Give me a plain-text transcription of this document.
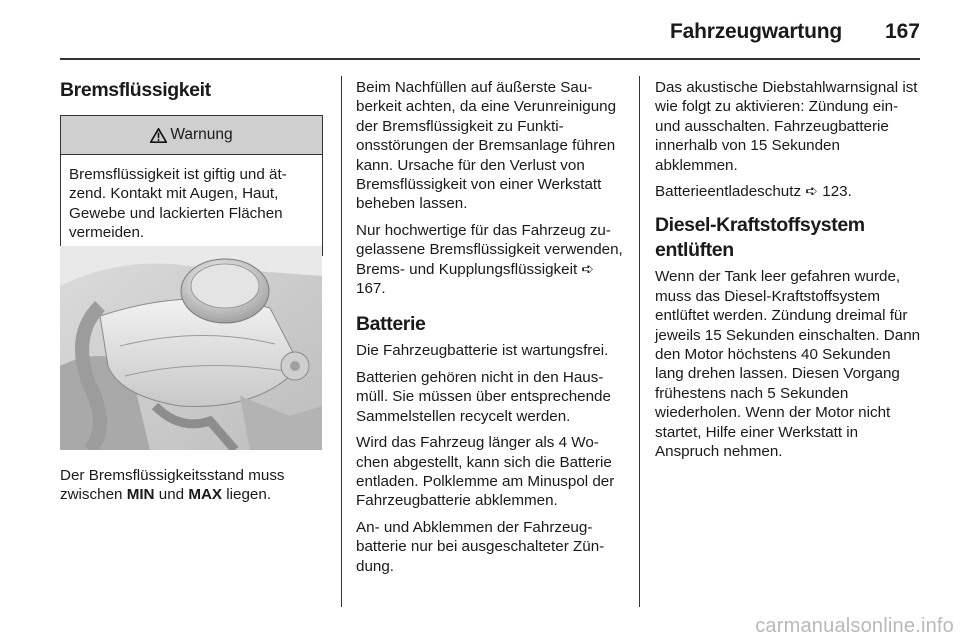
Fahrzeugwartung 167
Bremsflüssigkeit
Warnung
Bremsflüssigkeit ist giftig und ätzend. Kontakt mit Augen, Haut, Gewebe und lackierten Flächen vermeiden.
Der Bremsflüssigkeitsstand muss zwischen MIN und MAX liegen.

Beim Nachfüllen auf äußerste Sauberkeit achten, da eine Verunreinigung der Bremsflüssigkeit zu Funktionsstörungen der Bremsanlage führen kann. Ursache für den Verlust von Bremsflüssigkeit von einer Werkstatt beheben lassen.

Nur hochwertige für das Fahrzeug zugelassene Bremsflüssigkeit verwenden, Brems- und Kupplungsflüssigkeit ➪ 167.

Batterie

Die Fahrzeugbatterie ist wartungsfrei.

Batterien gehören nicht in den Hausmüll. Sie müssen über entsprechende Sammelstellen recycelt werden.

Wird das Fahrzeug länger als 4 Wochen abgestellt, kann sich die Batterie entladen. Polklemme am Minuspol der Fahrzeugbatterie abklemmen.

An- und Abklemmen der Fahrzeugbatterie nur bei ausgeschalteter Zündung.

Das akustische Diebstahlwarnsignal ist wie folgt zu aktivieren: Zündung ein- und ausschalten. Fahrzeugbatterie innerhalb von 15 Sekunden abklemmen.

Batterieentladeschutz ➪ 123.

Diesel-Kraftstoffsystem
entlüften

Wenn der Tank leer gefahren wurde, muss das Diesel-Kraftstoffsystem entlüftet werden. Zündung dreimal für jeweils 15 Sekunden einschalten. Dann den Motor höchstens 40 Sekunden lang drehen lassen. Diesen Vorgang frühestens nach 5 Sekunden wiederholen. Wenn der Motor nicht startet, Hilfe einer Werkstatt in Anspruch nehmen.

carmanualsonline.info
